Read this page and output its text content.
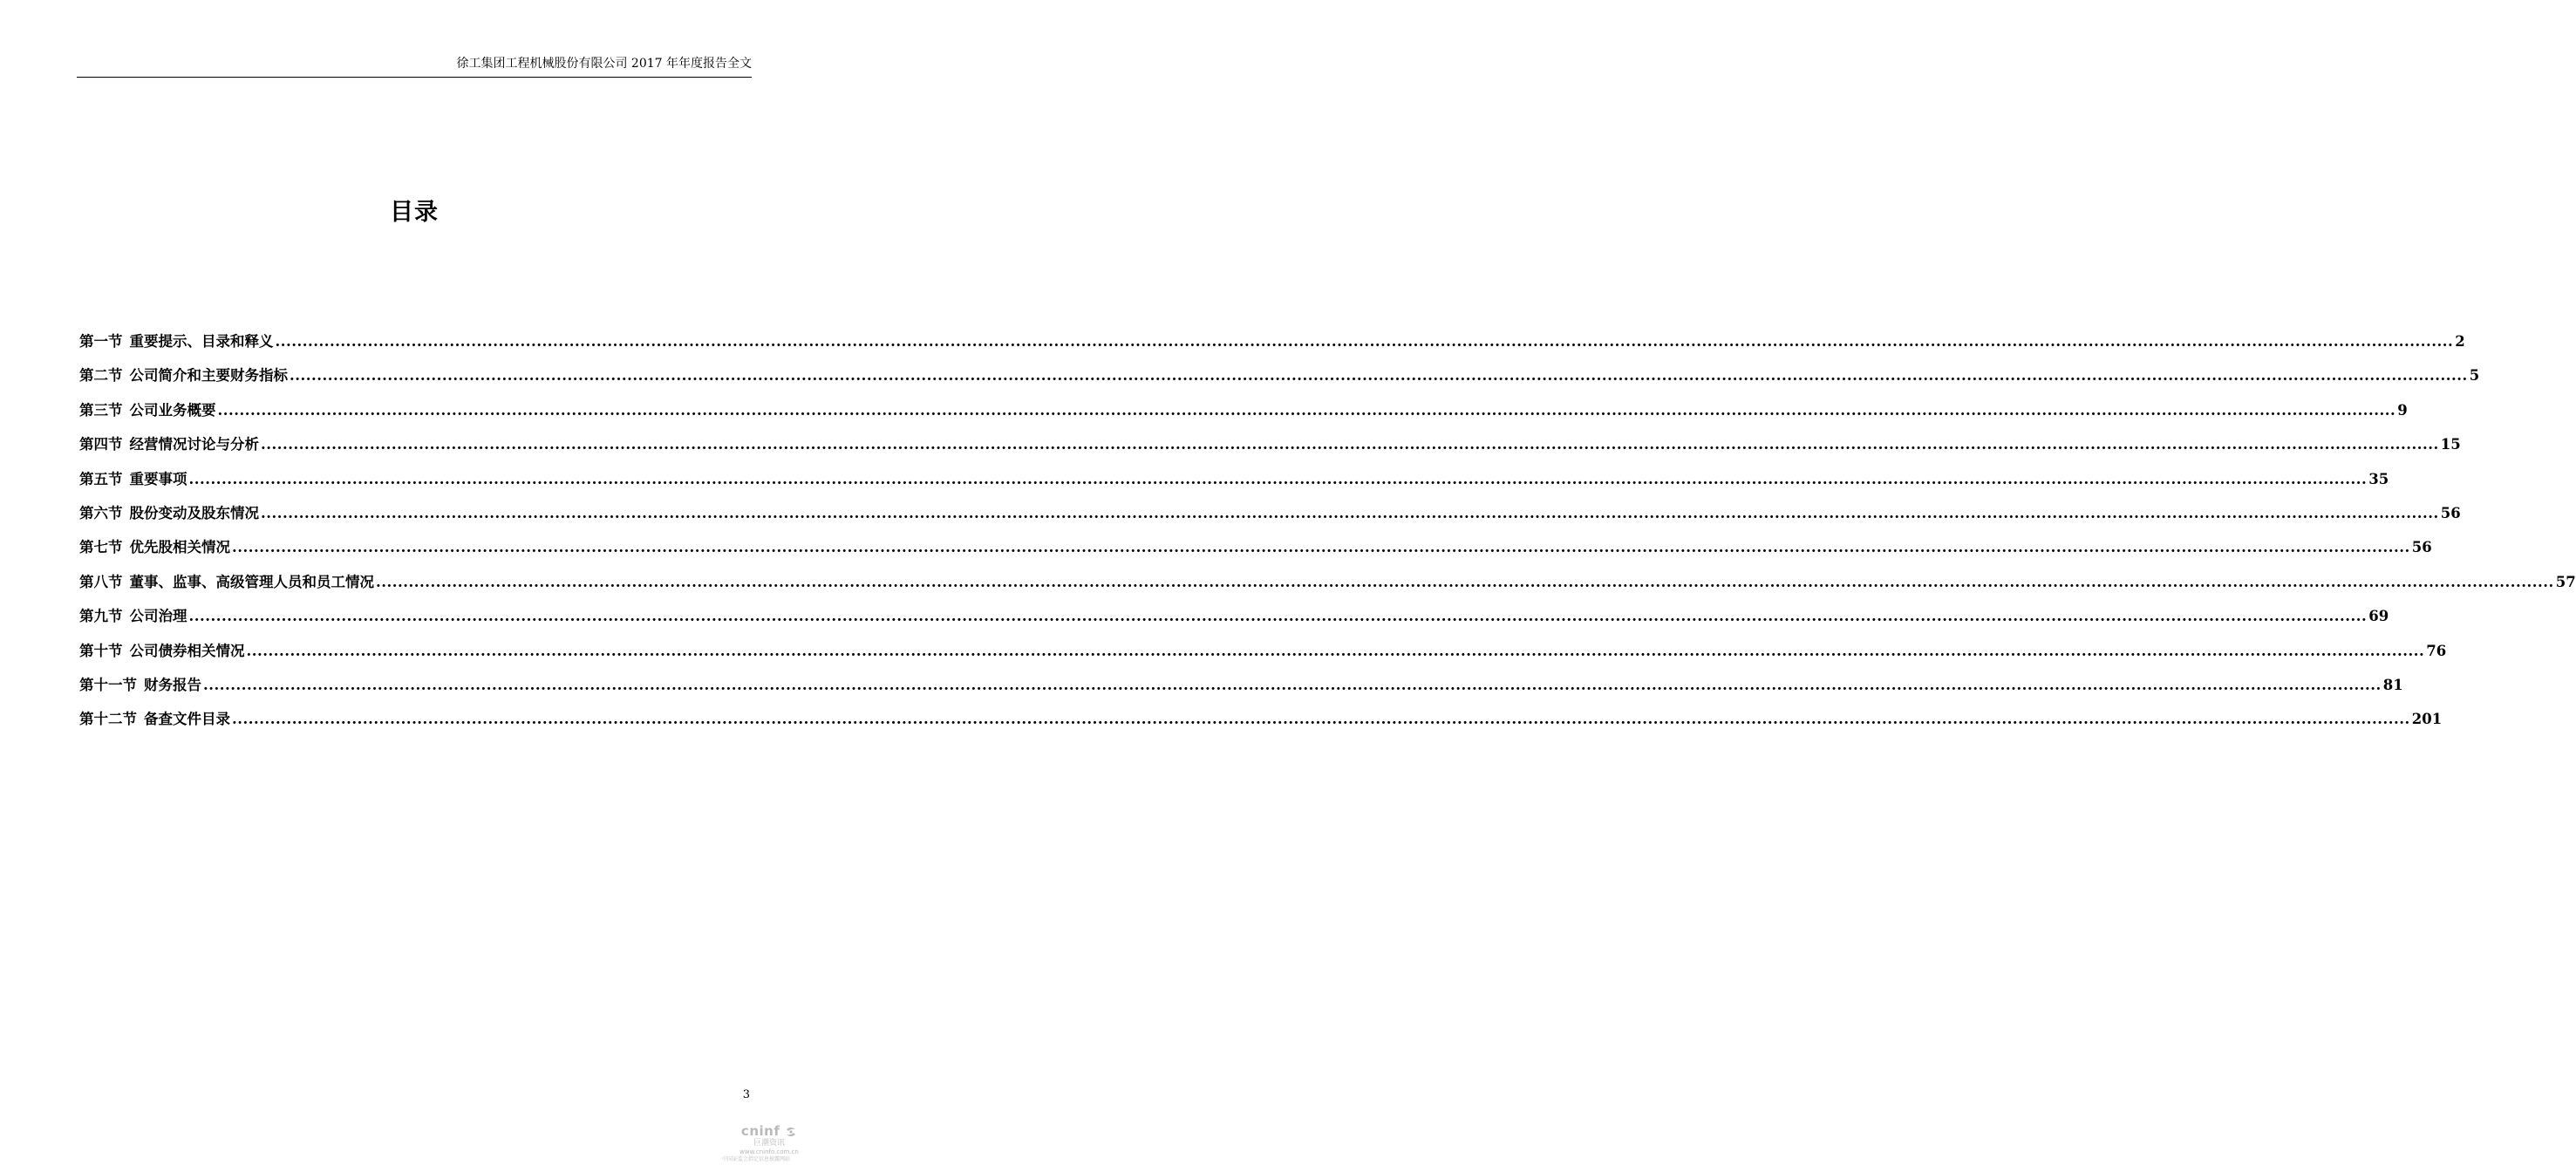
徐工集团工程机械股份有限公司 2017 年年度报告全文
目录
第一节 重要提示、目录和释义 ................................................................................................................................................................................................................................................................................................................................................................................................................ 2
第二节 公司简介和主要财务指标 ................................................................................................................................................................................................................................................................................................................................................................................................................ 5
第三节 公司业务概要 ................................................................................................................................................................................................................................................................................................................................................................................................................ 9
第四节 经营情况讨论与分析 ................................................................................................................................................................................................................................................................................................................................................................................................................ 15
第五节 重要事项 ................................................................................................................................................................................................................................................................................................................................................................................................................ 35
第六节 股份变动及股东情况 ................................................................................................................................................................................................................................................................................................................................................................................................................ 56
第七节 优先股相关情况 ................................................................................................................................................................................................................................................................................................................................................................................................................ 56
第八节 董事、监事、高级管理人员和员工情况 ................................................................................................................................................................................................................................................................................................................................................................................................................ 57
第九节 公司治理 ................................................................................................................................................................................................................................................................................................................................................................................................................ 69
第十节 公司债券相关情况 ................................................................................................................................................................................................................................................................................................................................................................................................................ 76
第十一节 财务报告 ................................................................................................................................................................................................................................................................................................................................................................................................................ 81
第十二节 备查文件目录 ................................................................................................................................................................................................................................................................................................................................................................................................................ 201
3
cninf
巨潮资讯
www.cninfo.com.cn
中国证监会指定信息披露网站
